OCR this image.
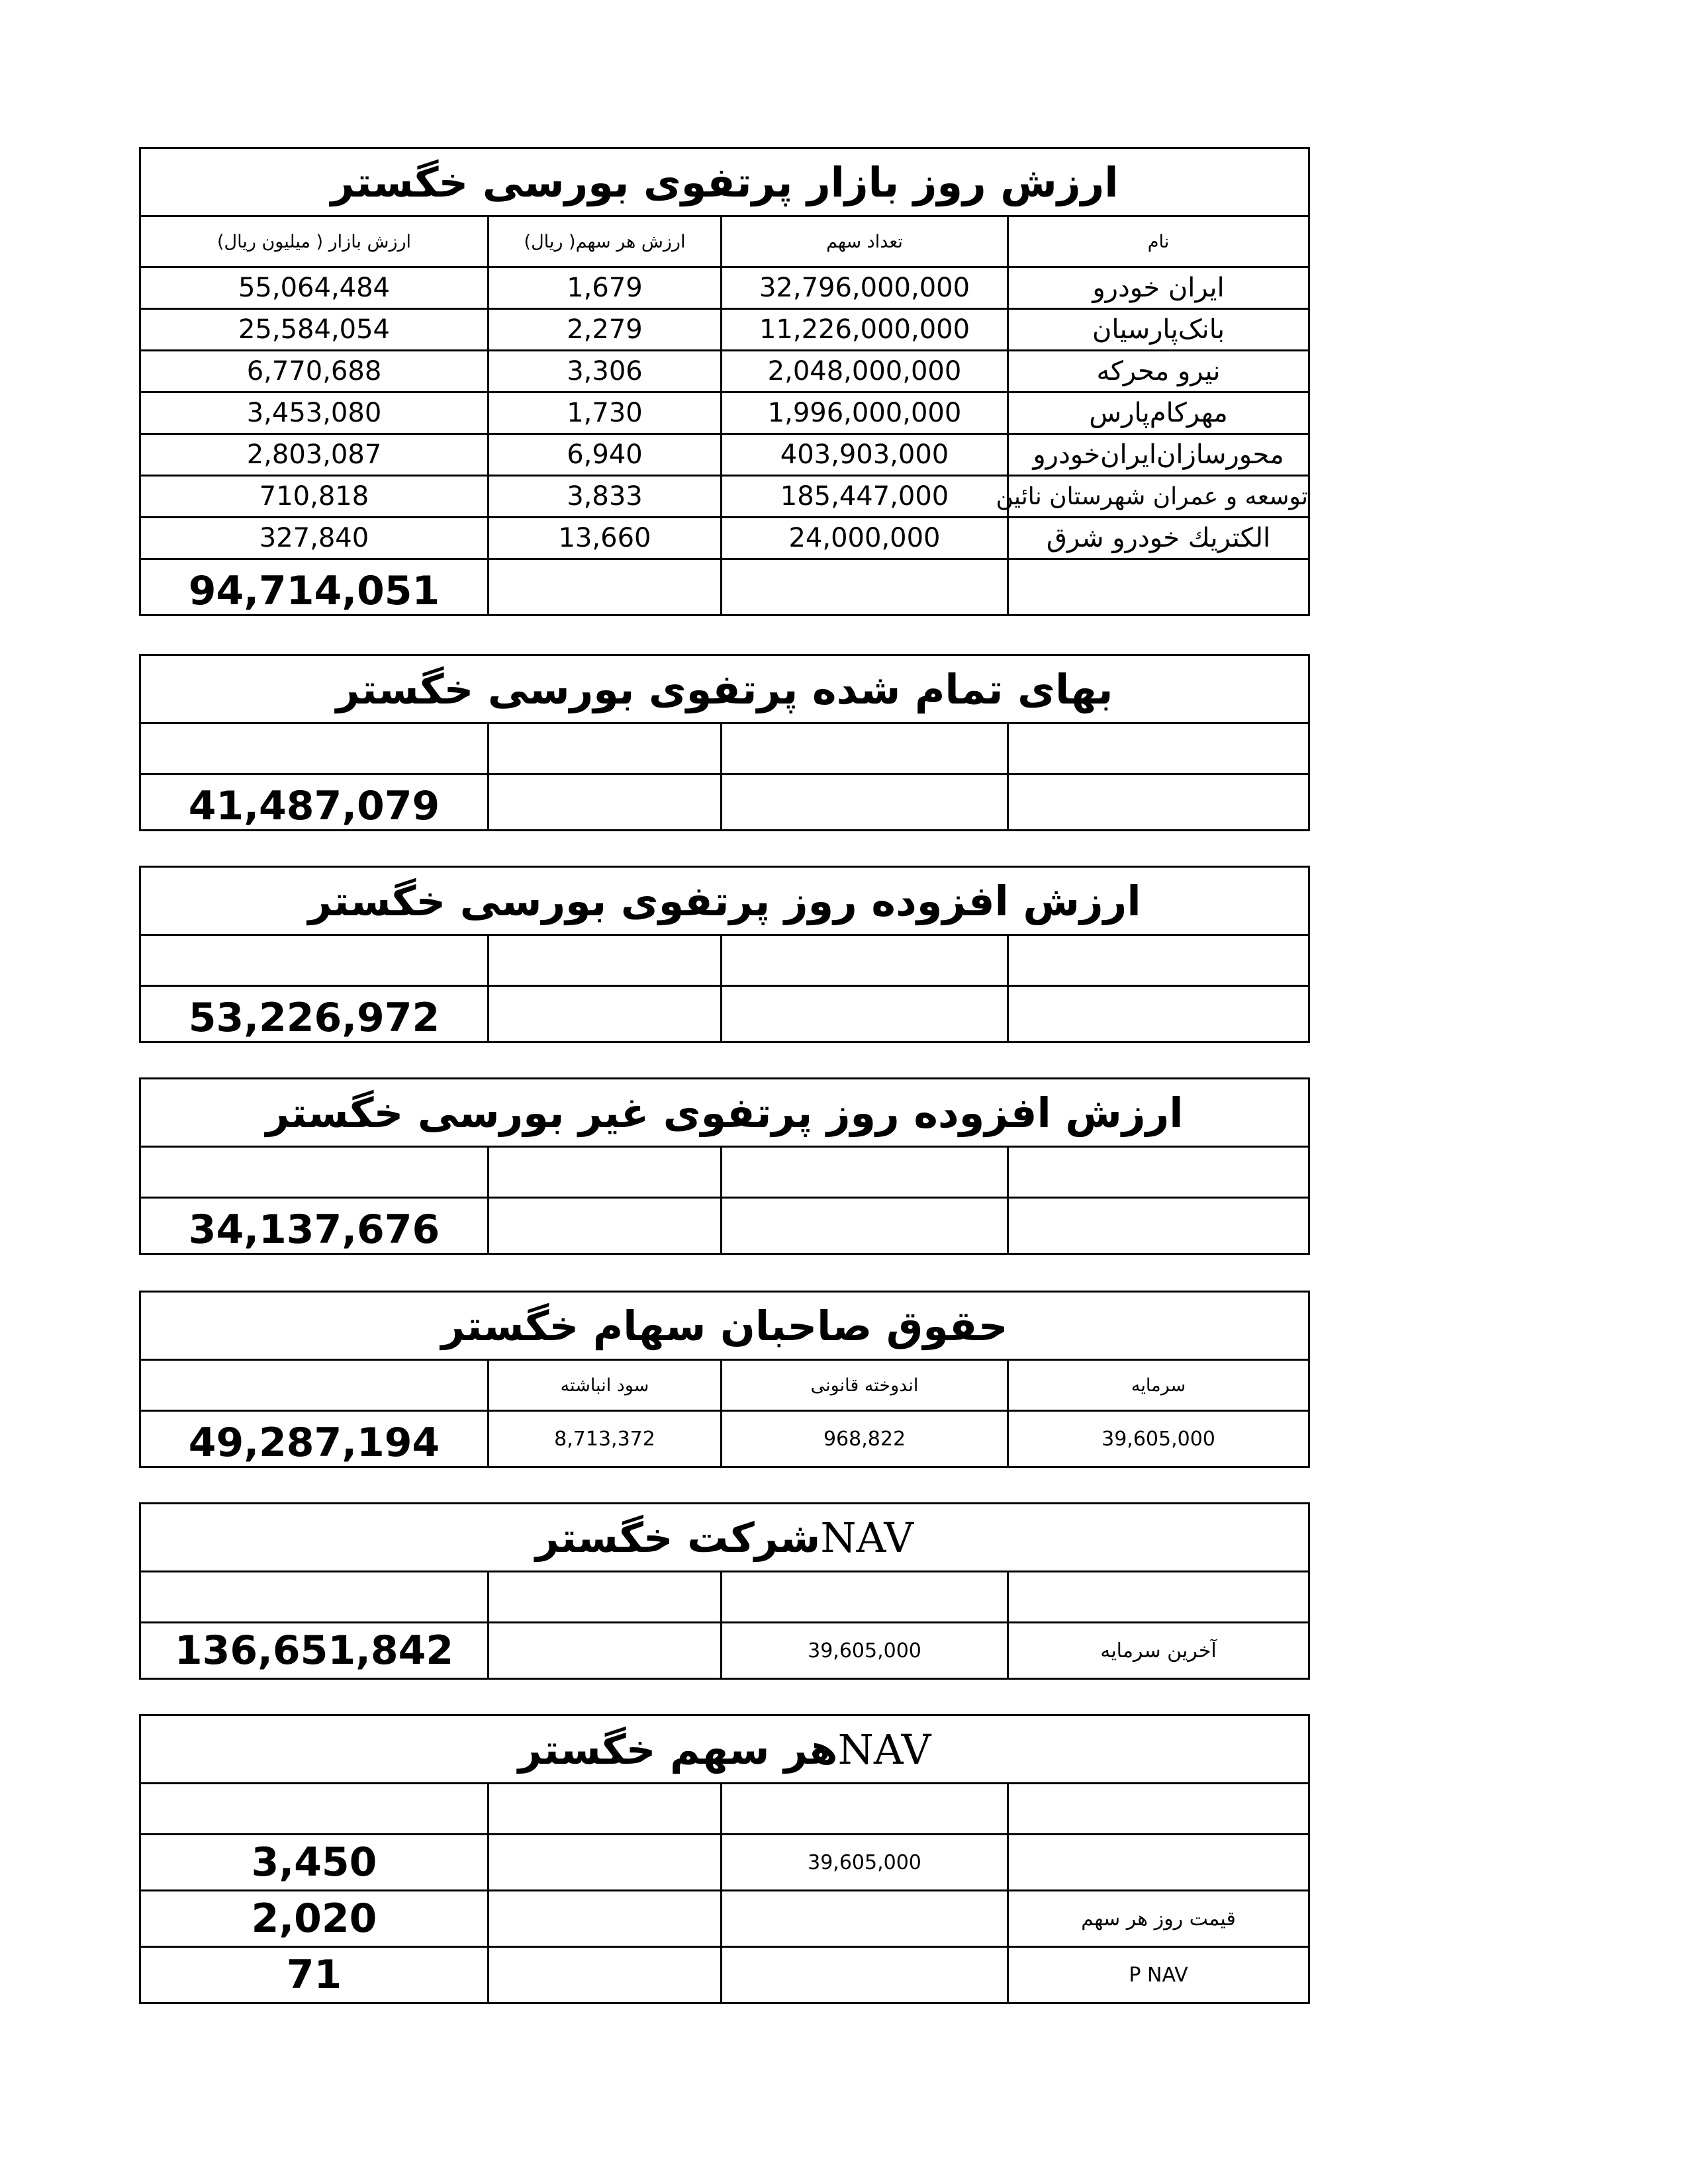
ارزش روز بازار پرتفوی بورسی خگستر			
ارزش بازار ( میلیون ریال)	ارزش هر سهم( ریال)	تعداد سهم	نام
55,064,484	1,679	32,796,000,000	ایران خودرو
25,584,054	2,279	11,226,000,000	بانک‌پارسیان
6,770,688	3,306	2,048,000,000	نیرو محرکه
3,453,080	1,730	1,996,000,000	مهرکام‌پارس
2,803,087	6,940	403,903,000	محورسازان‌ایران‌خودرو
710,818	3,833	185,447,000	توسعه و عمران شهرستان نائین
327,840	13,660	24,000,000	الكتريك خودرو شرق
94,714,051			
بهای تمام شده پرتفوی بورسی خگستر			

41,487,079			
ارزش افزوده روز پرتفوی بورسی خگستر			

53,226,972			
ارزش افزوده روز پرتفوی غیر بورسی خگستر			

34,137,676			
حقوق صاحبان سهام خگستر			
	سود انباشته	اندوخته قانونی	سرمایه
49,287,194	8,713,372	968,822	39,605,000
شرکت خگسترNAV			

136,651,842		39,605,000	آخرین سرمایه
هر سهم خگسترNAV			

3,450		39,605,000	
2,020			قیمت روز هر سهم
71			P NAV
